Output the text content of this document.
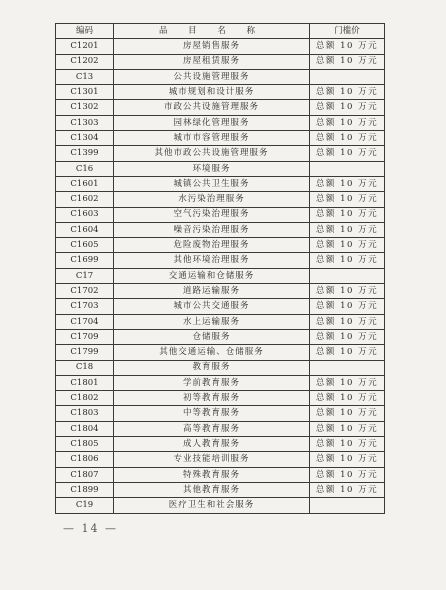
编码	品 目 名 称	门槛价
C1201	房屋销售服务	总额 10 万元
C1202	房屋租赁服务	总额 10 万元
C13	公共设施管理服务	
C1301	城市规划和设计服务	总额 10 万元
C1302	市政公共设施管理服务	总额 10 万元
C1303	园林绿化管理服务	总额 10 万元
C1304	城市市容管理服务	总额 10 万元
C1399	其他市政公共设施管理服务	总额 10 万元
C16	环境服务	
C1601	城镇公共卫生服务	总额 10 万元
C1602	水污染治理服务	总额 10 万元
C1603	空气污染治理服务	总额 10 万元
C1604	噪音污染治理服务	总额 10 万元
C1605	危险废物治理服务	总额 10 万元
C1699	其他环境治理服务	总额 10 万元
C17	交通运输和仓储服务	
C1702	道路运输服务	总额 10 万元
C1703	城市公共交通服务	总额 10 万元
C1704	水上运输服务	总额 10 万元
C1709	仓储服务	总额 10 万元
C1799	其他交通运输、仓储服务	总额 10 万元
C18	教育服务	
C1801	学前教育服务	总额 10 万元
C1802	初等教育服务	总额 10 万元
C1803	中等教育服务	总额 10 万元
C1804	高等教育服务	总额 10 万元
C1805	成人教育服务	总额 10 万元
C1806	专业技能培训服务	总额 10 万元
C1807	特殊教育服务	总额 10 万元
C1899	其他教育服务	总额 10 万元
C19	医疗卫生和社会服务	
— 14 —
